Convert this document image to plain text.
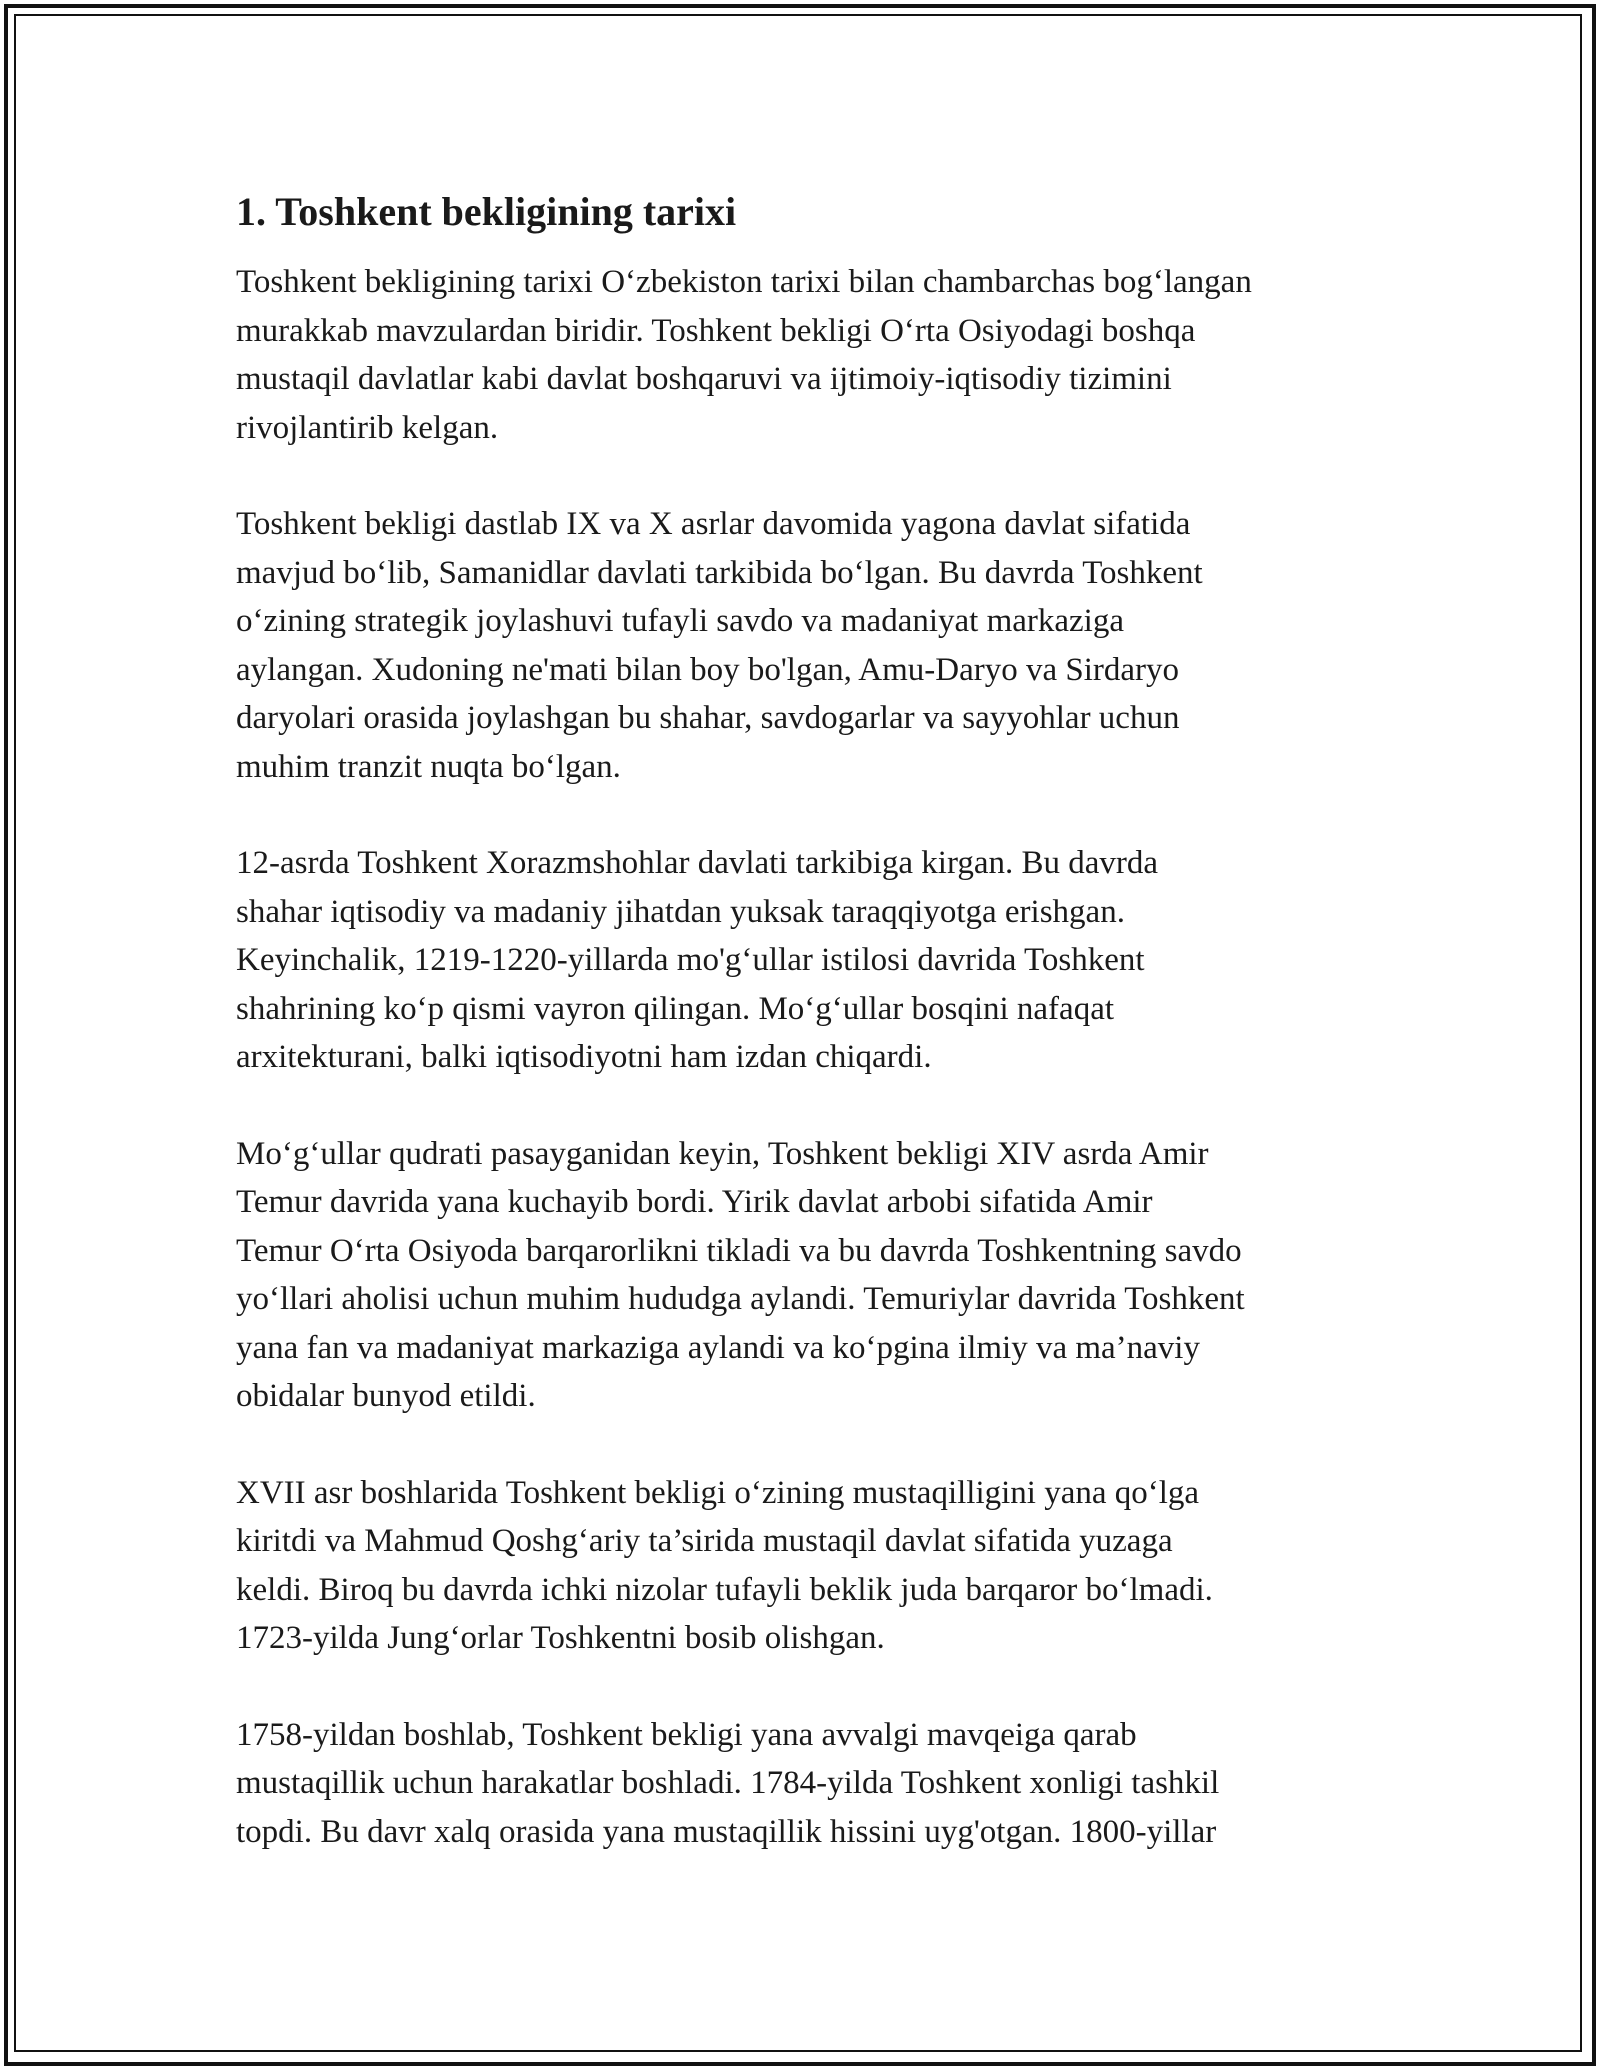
1. Toshkent bekligining tarixi

Toshkent bekligining tarixi O‘zbekiston tarixi bilan chambarchas bog‘langan
murakkab mavzulardan biridir. Toshkent bekligi O‘rta Osiyodagi boshqa
mustaqil davlatlar kabi davlat boshqaruvi va ijtimoiy-iqtisodiy tizimini
rivojlantirib kelgan.

Toshkent bekligi dastlab IX va X asrlar davomida yagona davlat sifatida
mavjud bo‘lib, Samanidlar davlati tarkibida bo‘lgan. Bu davrda Toshkent
o‘zining strategik joylashuvi tufayli savdo va madaniyat markaziga
aylangan. Xudoning ne'mati bilan boy bo'lgan, Amu-Daryo va Sirdaryo
daryolari orasida joylashgan bu shahar, savdogarlar va sayyohlar uchun
muhim tranzit nuqta bo‘lgan.

12-asrda Toshkent Xorazmshohlar davlati tarkibiga kirgan. Bu davrda
shahar iqtisodiy va madaniy jihatdan yuksak taraqqiyotga erishgan.
Keyinchalik, 1219-1220-yillarda mo'g‘ullar istilosi davrida Toshkent
shahrining ko‘p qismi vayron qilingan. Mo‘g‘ullar bosqini nafaqat
arxitekturani, balki iqtisodiyotni ham izdan chiqardi.

Mo‘g‘ullar qudrati pasayganidan keyin, Toshkent bekligi XIV asrda Amir
Temur davrida yana kuchayib bordi. Yirik davlat arbobi sifatida Amir
Temur O‘rta Osiyoda barqarorlikni tikladi va bu davrda Toshkentning savdo
yo‘llari aholisi uchun muhim hududga aylandi. Temuriylar davrida Toshkent
yana fan va madaniyat markaziga aylandi va ko‘pgina ilmiy va ma’naviy
obidalar bunyod etildi.

XVII asr boshlarida Toshkent bekligi o‘zining mustaqilligini yana qo‘lga
kiritdi va Mahmud Qoshg‘ariy ta’sirida mustaqil davlat sifatida yuzaga
keldi. Biroq bu davrda ichki nizolar tufayli beklik juda barqaror bo‘lmadi.
1723-yilda Jung‘orlar Toshkentni bosib olishgan.

1758-yildan boshlab, Toshkent bekligi yana avvalgi mavqeiga qarab
mustaqillik uchun harakatlar boshladi. 1784-yilda Toshkent xonligi tashkil
topdi. Bu davr xalq orasida yana mustaqillik hissini uyg'otgan. 1800-yillar
